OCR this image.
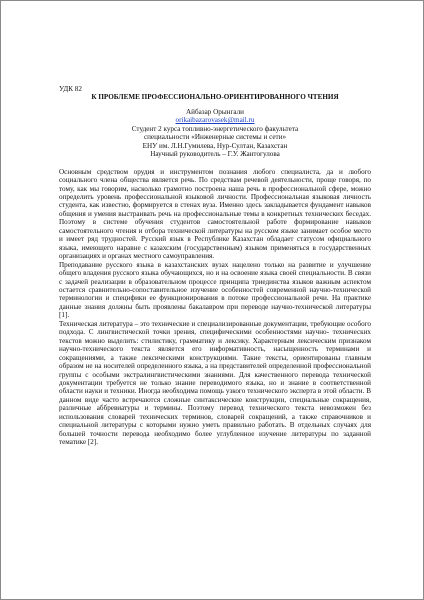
УДК 82

К ПРОБЛЕМЕ ПРОФЕССИОНАЛЬНО-ОРИЕНТИРОВАННОГО ЧТЕНИЯ

Айбазар Орынгали
orikaibazarovasek@mail.ru
Студент 2 курса топливно-энергетического факультета
специальности «Инженерные системы и сети»
ЕНУ им. Л.Н.Гумилева, Нур-Султан, Казахстан
Научный руководитель – Г.У. Жантогулова

Основным средством орудия и инструментом познания любого специалиста, да и любого социального члена общества является речь. По средствам речевой деятельности, проще говоря, по тому, как мы говорим, насколько грамотно построена наша речь в профессиональной сфере, можно определить уровень профессиональной языковой личности. Профессиональная языковая личность студента, как известно, формируется в стенах вуза. Именно здесь закладывается фундамент навыков общения и умения выстраивать речь на профессиональные темы в конкретных технических беседах. Поэтому в системе обучения студентов самостоятельной работе формирование навыков самостоятельного чтения и отбора технической литературы на русском языке занимает особое место и имеет ряд трудностей. Русский язык в Республике Казахстан обладает статусом официального языка, имеющего наравне с казахским (государственным) языком применяться в государственных организациях и органах местного самоуправления.

Преподавание русского языка в казахстанских вузах нацелено только на развитие и улучшение общего владения русского языка обучающихся, но и на освоение языка своей специальности. В связи с задачей реализации в образовательном процессе принципа триединства языков важным аспектом остается сравнительно-сопоставительное изучение особенностей современной научно-технической терминологии и специфики ее функционирования в потоке профессиональной речи. На практике данные знания должны быть проявлены бакалавром при переводе научно-технической литературы [1].

Техническая литература – это технические и специализированные документации, требующие особого подхода. С лингвистической точки зрения, специфическими особенностями научно- технических текстов можно выделить: стилистику, грамматику и лексику. Характерным лексическим признаком научно-технического текста является его информативность, насыщенность терминами и сокращениями, а также лексическими конструкциями. Такие тексты, ориентированы главным образом не на носителей определенного языка, а на представителей определенной профессиональной группы с особыми экстралингвистическими знаниями. Для качественного перевода технической документации требуется не только знание переводимого языка, но и знание в соответственной области науки и техники. Иногда необходима помощь узкого технического эксперта в этой области. В данном виде часто встречаются сложные синтаксические конструкции, специальные сокращения, различные аббревиатуры и термины. Поэтому перевод технического текста невозможен без использования словарей технических терминов, словарей сокращений, а также справочников и специальной литературы с которыми нужно уметь правильно работать. В отдельных случаях для большей точности перевода необходимо более углубленное изучение литературы по заданной тематике [2].
